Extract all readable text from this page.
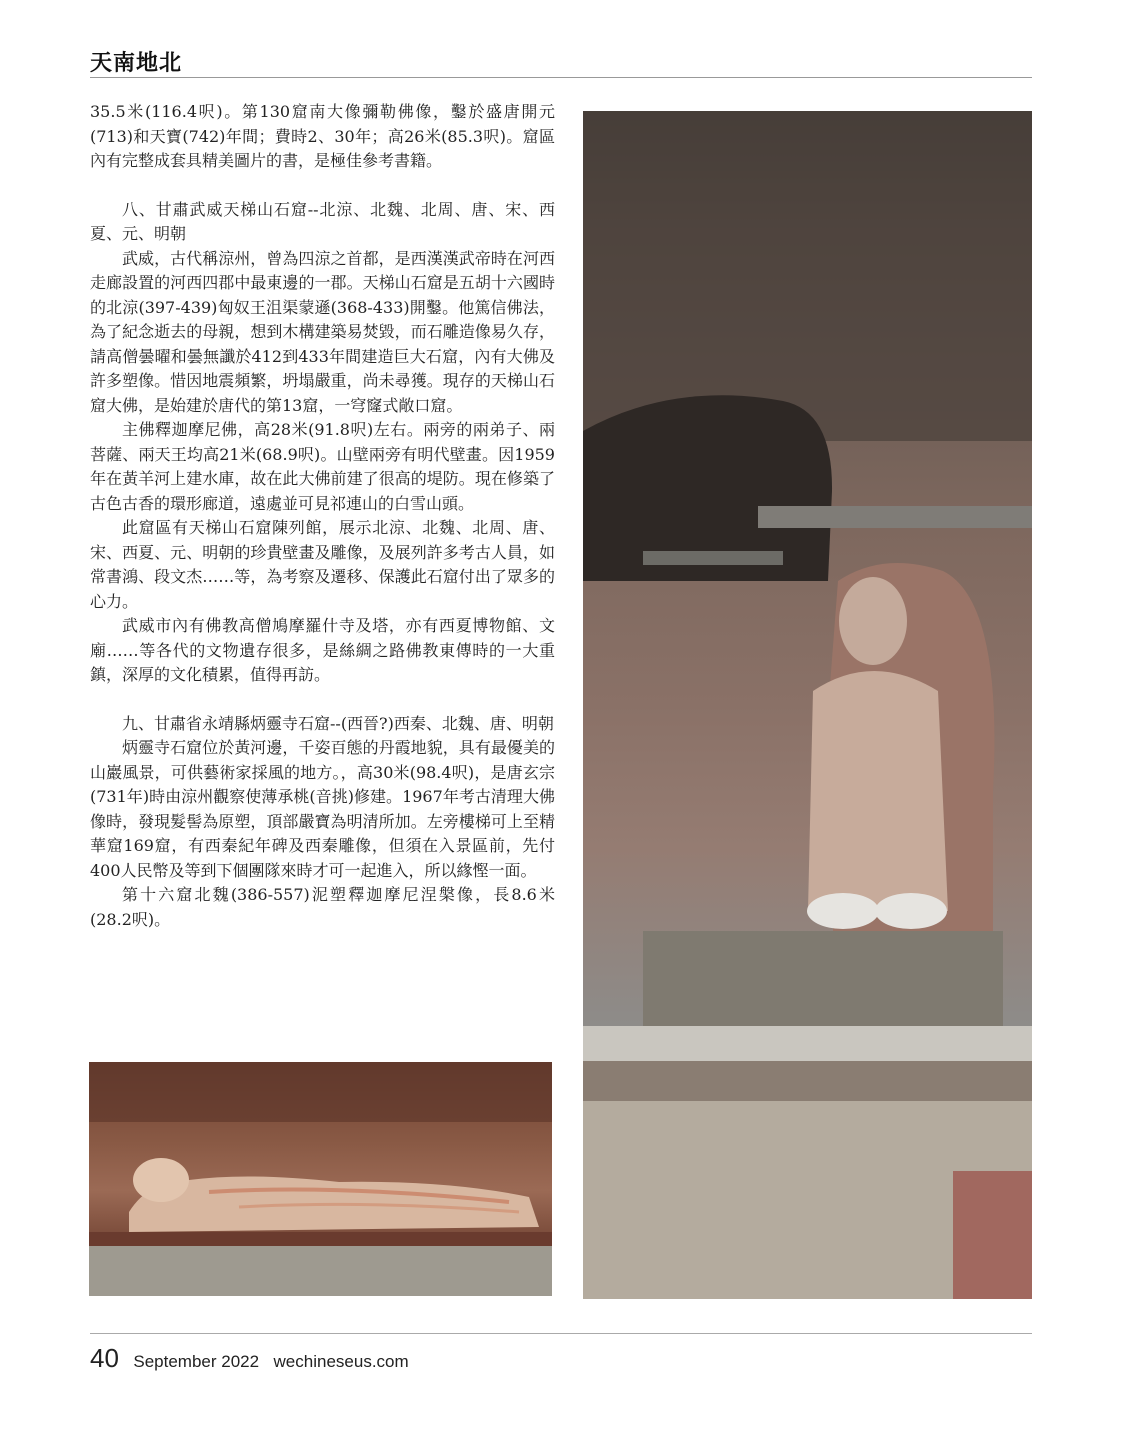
天南地北

35.5米(116.4呎)。第130窟南大像彌勒佛像，鑿於盛唐開元(713)和天寶(742)年間；費時2、30年；高26米(85.3呎)。窟區內有完整成套具精美圖片的書，是極佳參考書籍。

八、甘肅武威天梯山石窟--北涼、北魏、北周、唐、宋、西夏、元、明朝

武威，古代稱涼州，曾為四涼之首都，是西漢漢武帝時在河西走廊設置的河西四郡中最東邊的一郡。天梯山石窟是五胡十六國時的北涼(397-439)匈奴王沮渠蒙遜(368-433)開鑿。他篤信佛法，為了紀念逝去的母親，想到木構建築易焚毀，而石雕造像易久存，請高僧曇曜和曇無讖於412到433年間建造巨大石窟，內有大佛及許多塑像。惜因地震頻繁，坍塌嚴重，尚未尋獲。現存的天梯山石窟大佛，是始建於唐代的第13窟，一穹窿式敞口窟。

主佛釋迦摩尼佛，高28米(91.8呎)左右。兩旁的兩弟子、兩菩薩、兩天王均高21米(68.9呎)。山壁兩旁有明代壁畫。因1959年在黃羊河上建水庫，故在此大佛前建了很高的堤防。現在修築了古色古香的環形廊道，遠處並可見祁連山的白雪山頭。

此窟區有天梯山石窟陳列館，展示北涼、北魏、北周、唐、宋、西夏、元、明朝的珍貴壁畫及雕像，及展列許多考古人員，如常書鴻、段文杰……等，為考察及遷移、保護此石窟付出了眾多的心力。

武威市內有佛教高僧鳩摩羅什寺及塔，亦有西夏博物館、文廟……等各代的文物遺存很多，是絲綢之路佛教東傳時的一大重鎮，深厚的文化積累，值得再訪。

九、甘肅省永靖縣炳靈寺石窟--(西晉?)西秦、北魏、唐、明朝

炳靈寺石窟位於黃河邊，千姿百態的丹霞地貌，具有最優美的山巖風景，可供藝術家採風的地方。，高30米(98.4呎)，是唐玄宗(731年)時由涼州觀察使薄承桃(音挑)修建。1967年考古清理大佛像時，發現髮髻為原塑，頂部嚴寶為明清所加。左旁樓梯可上至精華窟169窟，有西秦紀年碑及西秦雕像，但須在入景區前，先付400人民幣及等到下個團隊來時才可一起進入，所以緣慳一面。

第十六窟北魏(386-557)泥塑釋迦摩尼涅槃像，長8.6米(28.2呎)。

40 September 2022 wechineseus.com
